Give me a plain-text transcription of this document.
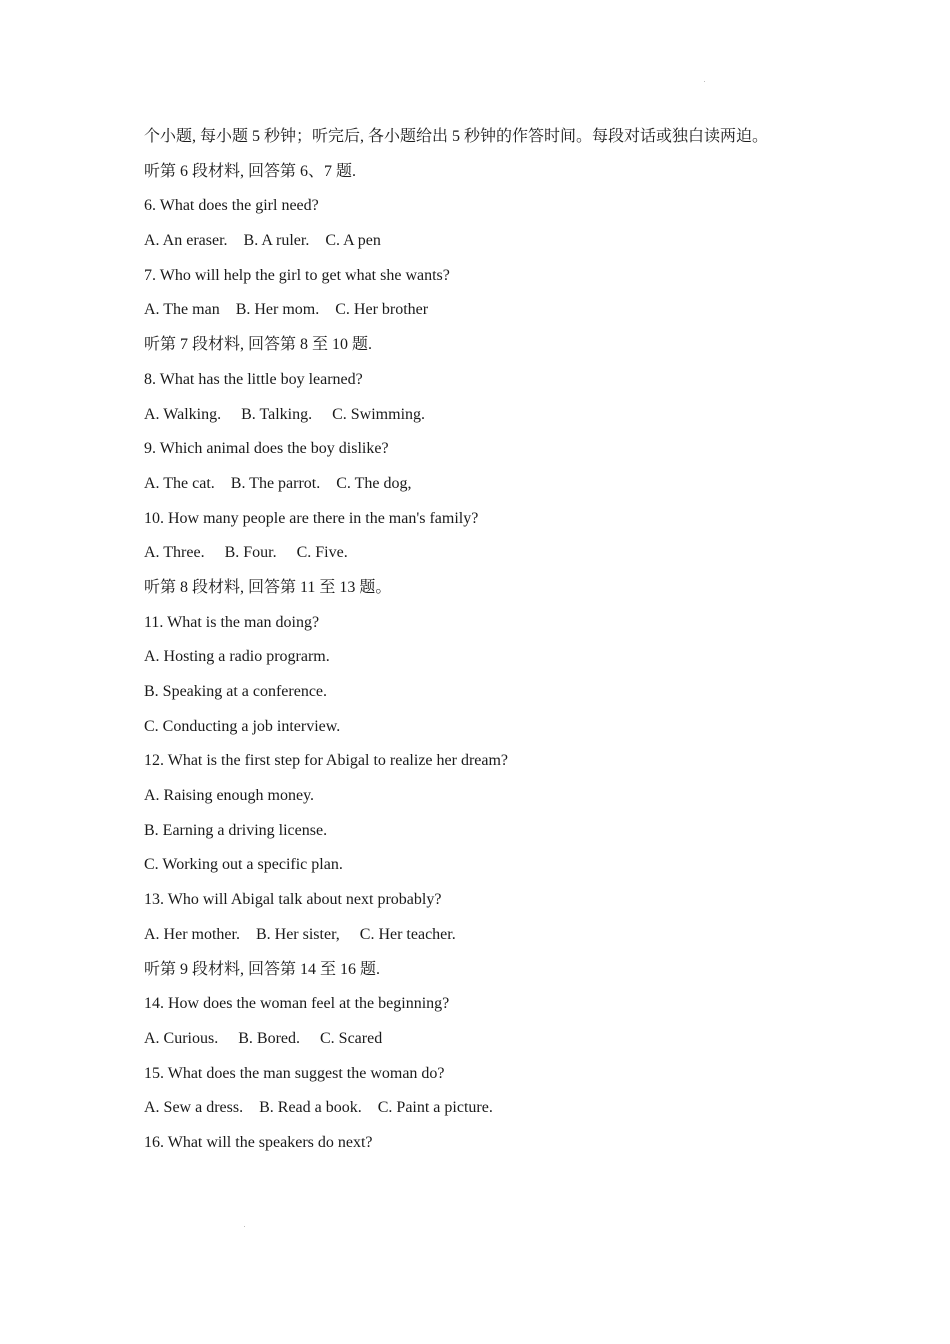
个小题, 每小题 5 秒钟；听完后, 各小题给出 5 秒钟的作答时间。每段对话或独白读两迫。
听第 6 段材料, 回答第 6、7 题.
6. What does the girl need?
A. An eraser.    B. A ruler.    C. A pen
7. Who will help the girl to get what she wants?
A. The man    B. Her mom.    C. Her brother
听第 7 段材料, 回答第 8 至 10 题.
8. What has the little boy learned?
A. Walking.     B. Talking.     C. Swimming.
9. Which animal does the boy dislike?
A. The cat.    B. The parrot.    C. The dog,
10. How many people are there in the man's family?
A. Three.     B. Four.     C. Five.
听第 8 段材料, 回答第 11 至 13 题。
11. What is the man doing?
A. Hosting a radio prograrm.
B. Speaking at a conference.
C. Conducting a job interview.
12. What is the first step for Abigal to realize her dream?
A. Raising enough money.
B. Earning a driving license.
C. Working out a specific plan.
13. Who will Abigal talk about next probably?
A. Her mother.    B. Her sister,     C. Her teacher.
听第 9 段材料, 回答第 14 至 16 题.
14. How does the woman feel at the beginning?
A. Curious.     B. Bored.     C. Scared
15. What does the man suggest the woman do?
A. Sew a dress.    B. Read a book.    C. Paint a picture.
16. What will the speakers do next?
